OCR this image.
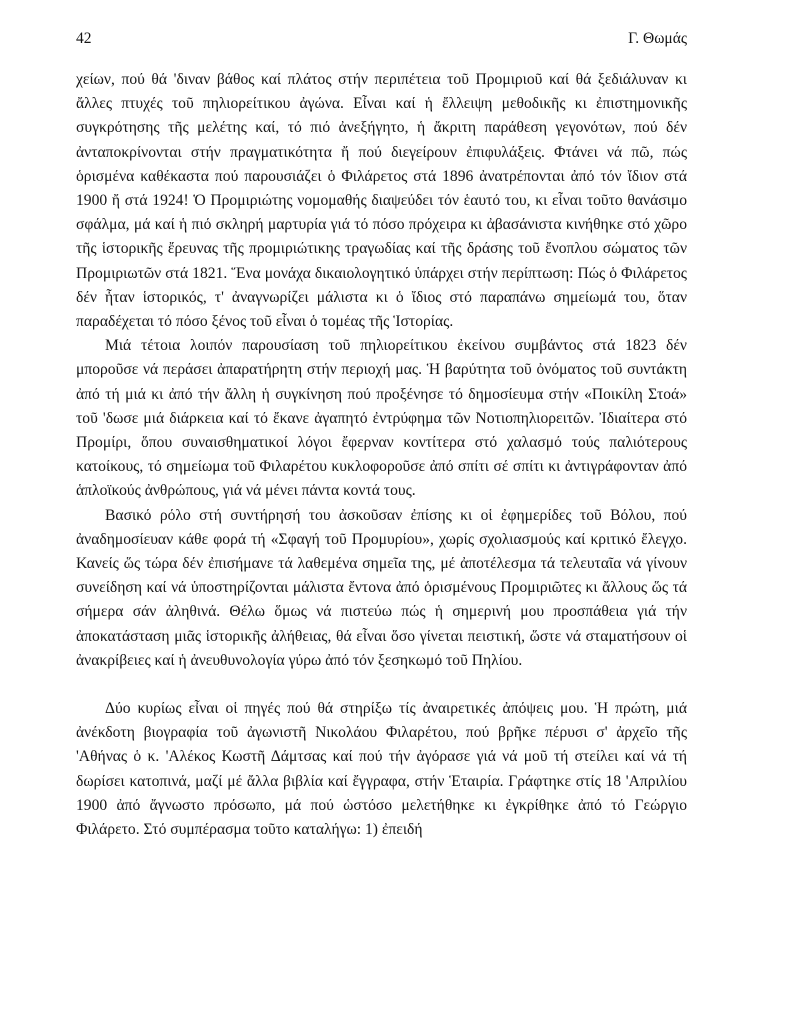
42	Γ. Θωμάς

χείων, πού θά 'διναν βάθος καί πλάτος στήν περιπέτεια τοῦ Προμιριοῦ καί θά ξεδιάλυναν κι ἄλλες πτυχές τοῦ πηλιορείτικου ἀγώνα. Εἶναι καί ἡ ἔλλειψη μεθοδικῆς κι ἐπιστημονικῆς συγκρότησης τῆς μελέτης καί, τό πιό ἀνεξήγητο, ἡ ἄκριτη παράθεση γεγονότων, πού δέν ἀνταποκρίνονται στήν πραγματικότητα ἤ πού διεγείρουν ἐπιφυλάξεις. Φτάνει νά πῶ, πώς ὁρισμένα καθέκαστα πού παρουσιάζει ὁ Φιλάρετος στά 1896 ἀνατρέπονται ἀπό τόν ἴδιον στά 1900 ἤ στά 1924! Ὁ Προμιριώτης νομομαθής διαψεύδει τόν ἑαυτό του, κι εἶναι τοῦτο θανάσιμο σφάλμα, μά καί ἡ πιό σκληρή μαρτυρία γιά τό πόσο πρόχειρα κι ἀβασάνιστα κινήθηκε στό χῶρο τῆς ἱστορικῆς ἔρευνας τῆς προμιριώτικης τραγωδίας καί τῆς δράσης τοῦ ἔνοπλου σώματος τῶν Προμιριωτῶν στά 1821. Ἕνα μονάχα δικαιολογητικό ὑπάρχει στήν περίπτωση: Πώς ὁ Φιλάρετος δέν ἦταν ἱστορικός, τ' ἀναγνωρίζει μάλιστα κι ὁ ἴδιος στό παραπάνω σημείωμά του, ὅταν παραδέχεται τό πόσο ξένος τοῦ εἶναι ὁ τομέας τῆς Ἱστορίας.

Μιά τέτοια λοιπόν παρουσίαση τοῦ πηλιορείτικου ἐκείνου συμβάντος στά 1823 δέν μποροῦσε νά περάσει ἀπαρατήρητη στήν περιοχή μας. Ἡ βαρύτητα τοῦ ὀνόματος τοῦ συντάκτη ἀπό τή μιά κι ἀπό τήν ἄλλη ἡ συγκίνηση πού προξένησε τό δημοσίευμα στήν «Ποικίλη Στοά» τοῦ 'δωσε μιά διάρκεια καί τό ἔκανε ἀγαπητό ἐντρύφημα τῶν Νοτιοπηλιορειτῶν. Ἰδιαίτερα στό Προμίρι, ὅπου συναισθηματικοί λόγοι ἔφερναν κοντίτερα στό χαλασμό τούς παλιότερους κατοίκους, τό σημείωμα τοῦ Φιλαρέτου κυκλοφοροῦσε ἀπό σπίτι σέ σπίτι κι ἀντιγράφονταν ἀπό ἁπλοϊκούς ἀνθρώπους, γιά νά μένει πάντα κοντά τους.

Βασικό ρόλο στή συντήρησή του ἀσκοῦσαν ἐπίσης κι οἱ ἐφημερίδες τοῦ Βόλου, πού ἀναδημοσίευαν κάθε φορά τή «Σφαγή τοῦ Προμυρίου», χωρίς σχολιασμούς καί κριτικό ἔλεγχο. Κανείς ὥς τώρα δέν ἐπισήμανε τά λαθεμένα σημεῖα της, μέ ἀποτέλεσμα τά τελευταῖα νά γίνουν συνείδηση καί νά ὑποστηρίζονται μάλιστα ἔντονα ἀπό ὁρισμένους Προμιριῶτες κι ἄλλους ὥς τά σήμερα σάν ἀληθινά. Θέλω ὅμως νά πιστεύω πώς ἡ σημερινή μου προσπάθεια γιά τήν ἀποκατάσταση μιᾶς ἱστορικῆς ἀλήθειας, θά εἶναι ὅσο γίνεται πειστική, ὥστε νά σταματήσουν οἱ ἀνακρίβειες καί ἡ ἀνευθυνολογία γύρω ἀπό τόν ξεσηκωμό τοῦ Πηλίου.

Δύο κυρίως εἶναι οἱ πηγές πού θά στηρίξω τίς ἀναιρετικές ἀπόψεις μου. Ἡ πρώτη, μιά ἀνέκδοτη βιογραφία τοῦ ἀγωνιστῆ Νικολάου Φιλαρέτου, πού βρῆκε πέρυσι σ' ἀρχεῖο τῆς 'Αθήνας ὁ κ. 'Αλέκος Κωστῆ Δάμτσας καί πού τήν ἀγόρασε γιά νά μοῦ τή στείλει καί νά τή δωρίσει κατοπινά, μαζί μέ ἄλλα βιβλία καί ἔγγραφα, στήν Ἑταιρία. Γράφτηκε στίς 18 'Απριλίου 1900 ἀπό ἄγνωστο πρόσωπο, μά πού ὡστόσο μελετήθηκε κι ἐγκρίθηκε ἀπό τό Γεώργιο Φιλάρετο. Στό συμπέρασμα τοῦτο καταλήγω: 1) ἐπειδή
